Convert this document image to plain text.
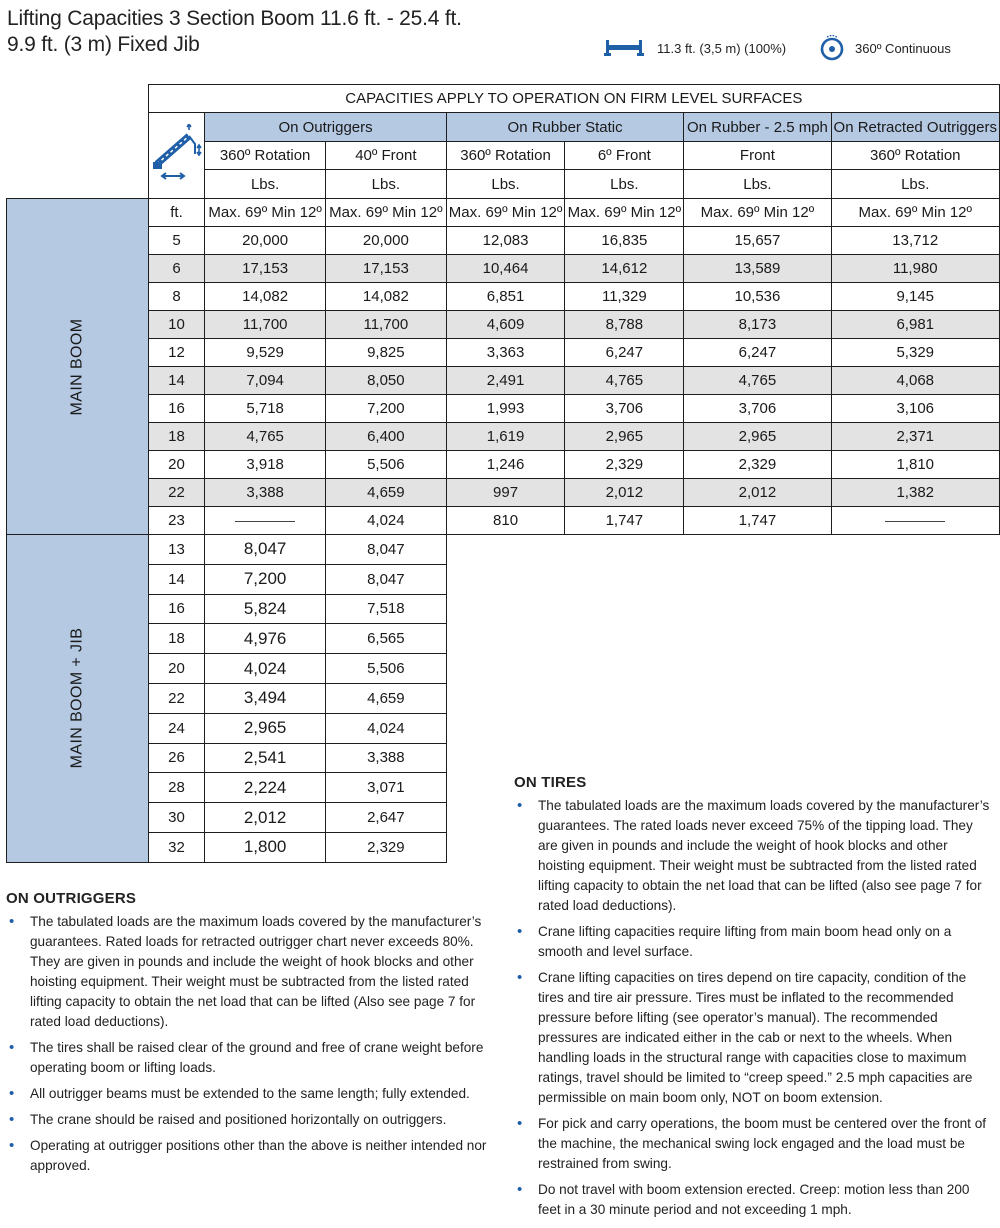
Lifting Capacities 3 Section Boom 11.6 ft. - 25.4 ft.
9.9 ft. (3 m) Fixed Jib	11.3 ft. (3,5 m) (100%)	360º Continuous
	CAPACITIES APPLY TO OPERATION ON FIRM LEVEL SURFACES						
		On Outriggers		On Rubber Static		On Rubber - 2.5 mph	On Retracted Outriggers
		360º Rotation	40º Front	360º Rotation	6º Front	Front	360º Rotation
		Lbs.	Lbs.	Lbs.	Lbs.	Lbs.	Lbs.
MAIN BOOM	ft.	Max. 69º Min 12º	Max. 69º Min 12º	Max. 69º Min 12º	Max. 69º Min 12º	Max. 69º Min 12º	Max. 69º Min 12º
	5	20,000	20,000	12,083	16,835	15,657	13,712
	6	17,153	17,153	10,464	14,612	13,589	11,980
	8	14,082	14,082	6,851	11,329	10,536	9,145
	10	11,700	11,700	4,609	8,788	8,173	6,981
	12	9,529	9,825	3,363	6,247	6,247	5,329
	14	7,094	8,050	2,491	4,765	4,765	4,068
	16	5,718	7,200	1,993	3,706	3,706	3,106
	18	4,765	6,400	1,619	2,965	2,965	2,371
	20	3,918	5,506	1,246	2,329	2,329	1,810
	22	3,388	4,659	997	2,012	2,012	1,382
	23		4,024	810	1,747	1,747	
MAIN BOOM + JIB	13	8,047	8,047				
	14	7,200	8,047				
	16	5,824	7,518				
	18	4,976	6,565				
	20	4,024	5,506				
	22	3,494	4,659				
	24	2,965	4,024				
	26	2,541	3,388				
	28	2,224	3,071				
	30	2,012	2,647				
	32	1,800	2,329				
ON OUTRIGGERS
• The tabulated loads are the maximum loads covered by the manufacturer’s guarantees. Rated loads for retracted outrigger chart never exceeds 80%. They are given in pounds and include the weight of hook blocks and other hoisting equipment. Their weight must be subtracted from the listed rated lifting capacity to obtain the net load that can be lifted (Also see page 7 for rated load deductions).
• The tires shall be raised clear of the ground and free of crane weight before operating boom or lifting loads.
• All outrigger beams must be extended to the same length; fully extended.
• The crane should be raised and positioned horizontally on outriggers.
• Operating at outrigger positions other than the above is neither intended nor approved.
ON TIRES
• The tabulated loads are the maximum loads covered by the manufacturer’s guarantees. The rated loads never exceed 75% of the tipping load. They are given in pounds and include the weight of hook blocks and other hoisting equipment. Their weight must be subtracted from the listed rated lifting capacity to obtain the net load that can be lifted (also see page 7 for rated load deductions).
• Crane lifting capacities require lifting from main boom head only on a smooth and level surface.
• Crane lifting capacities on tires depend on tire capacity, condition of the tires and tire air pressure. Tires must be inflated to the recommended pressure before lifting (see operator’s manual). The recommended pressures are indicated either in the cab or next to the wheels. When handling loads in the structural range with capacities close to maximum ratings, travel should be limited to “creep speed.” 2.5 mph capacities are permissible on main boom only, NOT on boom extension.
• For pick and carry operations, the boom must be centered over the front of the machine, the mechanical swing lock engaged and the load must be restrained from swing.
• Do not travel with boom extension erected. Creep: motion less than 200 feet in a 30 minute period and not exceeding 1 mph.
